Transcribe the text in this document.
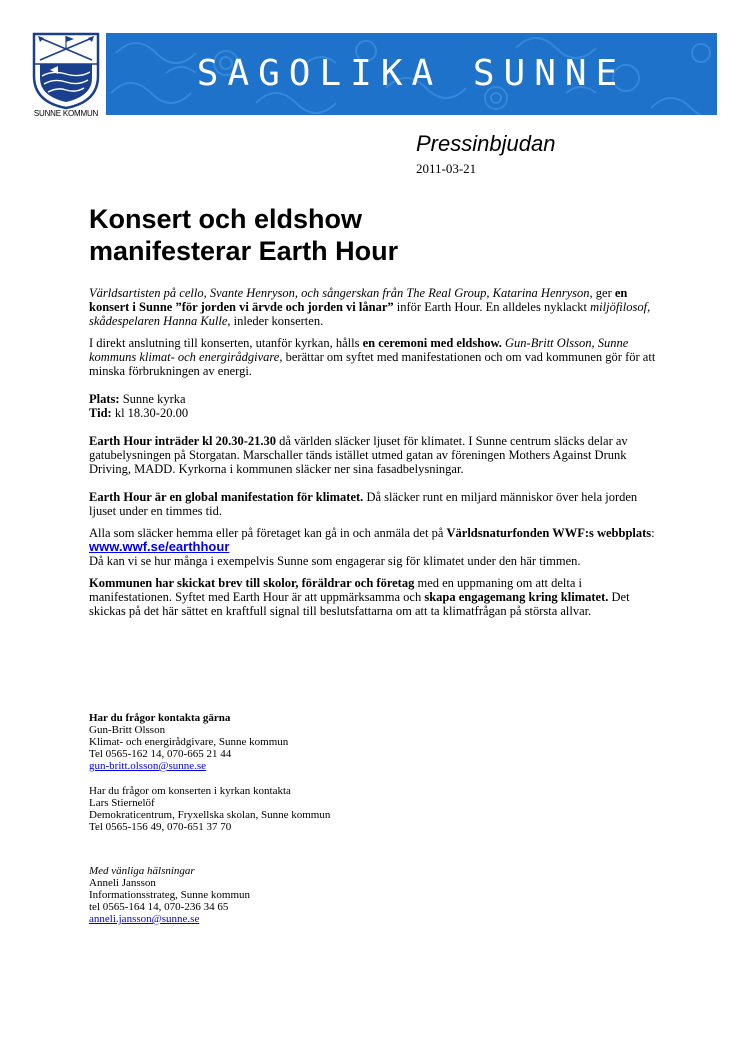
SUNNE KOMMUN
SAGOLIKA SUNNE
Pressinbjudan
2011-03-21
Konsert och eldshow
manifesterar Earth Hour

Världsartisten på cello, Svante Henryson, och sångerskan från The Real Group, Katarina Henryson, ger en konsert i Sunne ”för jorden vi ärvde och jorden vi lånar” inför Earth Hour. En alldeles nyklackt miljöfilosof, skådespelaren Hanna Kulle, inleder konserten.

I direkt anslutning till konserten, utanför kyrkan, hålls en ceremoni med eldshow. Gun-Britt Olsson, Sunne kommuns klimat- och energirådgivare, berättar om syftet med manifestationen och om vad kommunen gör för att minska förbrukningen av energi.

Plats: Sunne kyrka
Tid: kl 18.30-20.00

Earth Hour inträder kl 20.30-21.30 då världen släcker ljuset för klimatet. I Sunne centrum släcks delar av gatubelysningen på Storgatan. Marschaller tänds istället utmed gatan av föreningen Mothers Against Drunk Driving, MADD. Kyrkorna i kommunen släcker ner sina fasadbelysningar.

Earth Hour är en global manifestation för klimatet. Då släcker runt en miljard människor över hela jorden ljuset under en timmes tid.

Alla som släcker hemma eller på företaget kan gå in och anmäla det på Världsnaturfonden WWF:s webbplats: www.wwf.se/earthhour
Då kan vi se hur många i exempelvis Sunne som engagerar sig för klimatet under den här timmen.

Kommunen har skickat brev till skolor, föräldrar och företag med en uppmaning om att delta i manifestationen. Syftet med Earth Hour är att uppmärksamma och skapa engagemang kring klimatet. Det skickas på det här sättet en kraftfull signal till beslutsfattarna om att ta klimatfrågan på största allvar.

Har du frågor kontakta gärna
Gun-Britt Olsson
Klimat- och energirådgivare, Sunne kommun
Tel 0565-162 14, 070-665 21 44
gun-britt.olsson@sunne.se
Har du frågor om konserten i kyrkan kontakta
Lars Stiernelöf
Demokraticentrum, Fryxellska skolan, Sunne kommun
Tel 0565-156 49, 070-651 37 70
Med vänliga hälsningar
Anneli Jansson
Informationsstrateg, Sunne kommun
tel 0565-164 14, 070-236 34 65
anneli.jansson@sunne.se
